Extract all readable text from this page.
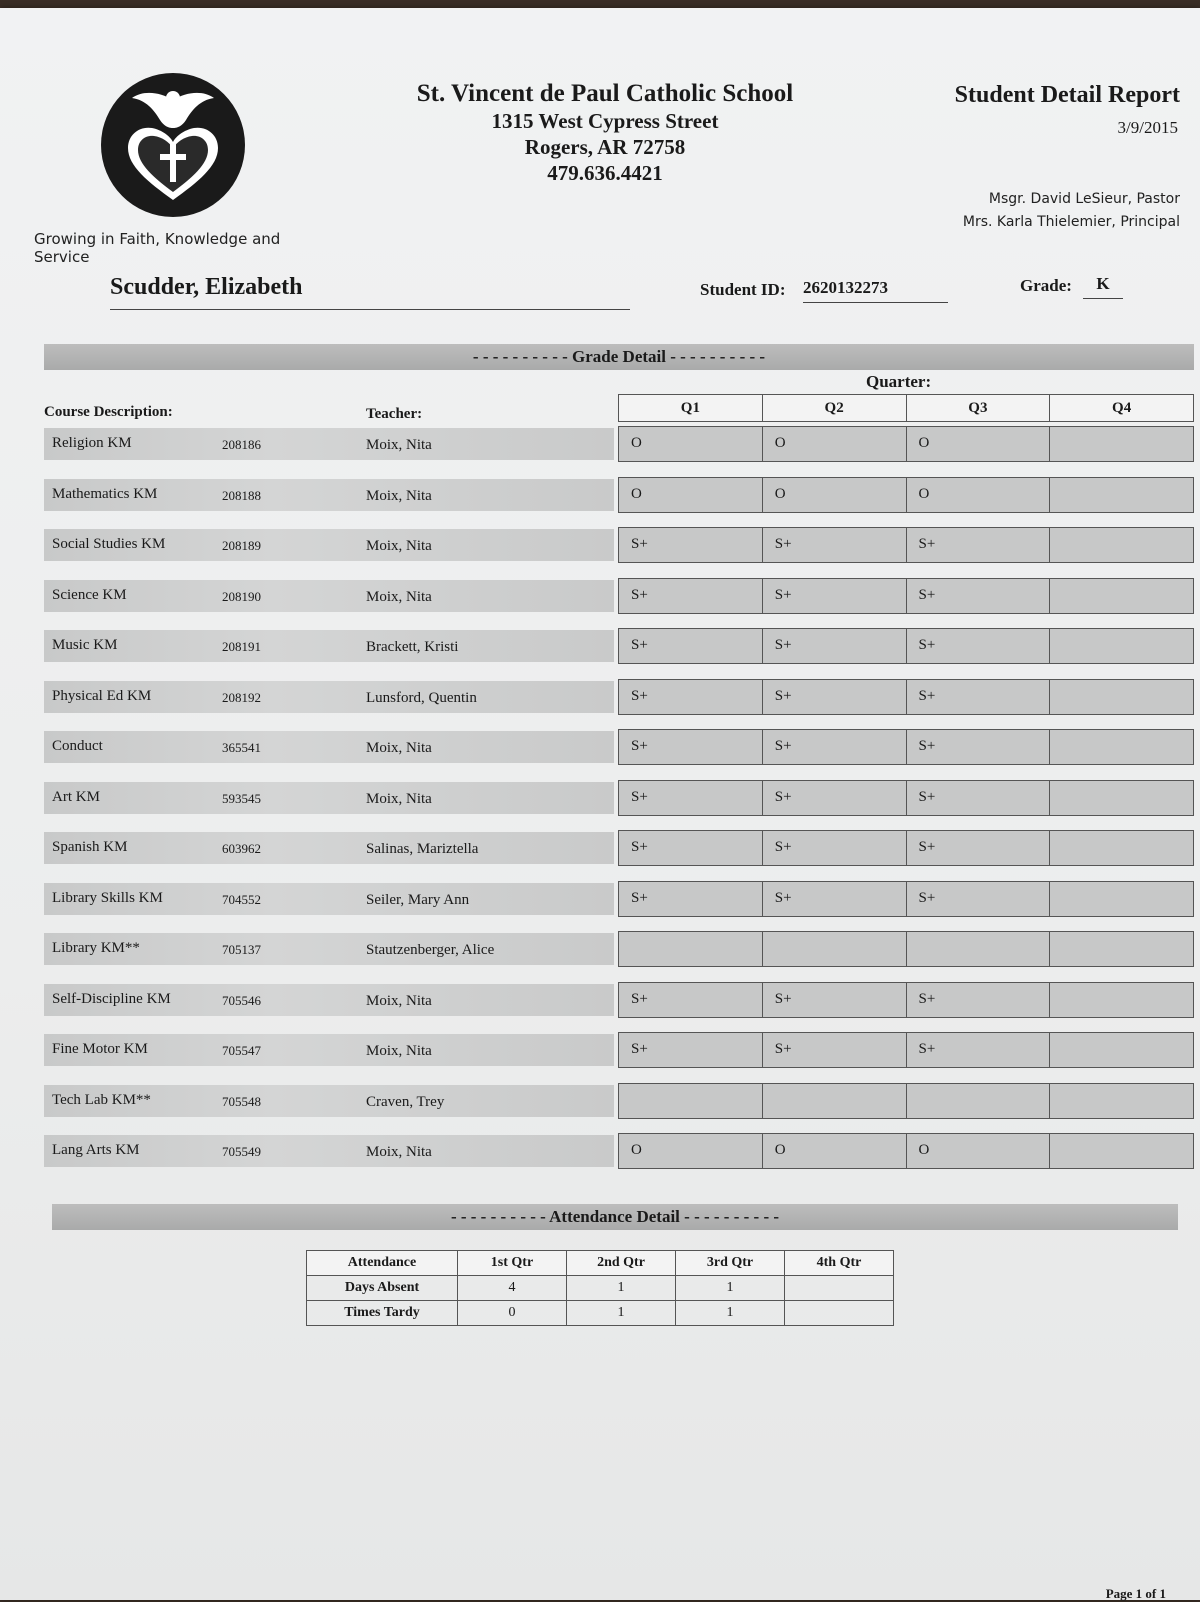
Growing in Faith, Knowledge and Service
St. Vincent de Paul Catholic School
1315 West Cypress Street
Rogers, AR 72758
479.636.4421
Student Detail Report
3/9/2015
Msgr. David LeSieur, Pastor
Mrs. Karla Thielemier, Principal
Scudder, Elizabeth	Student ID: 2620132273	Grade:	K
- - - - - - - - - - Grade Detail - - - - - - - - - -
Quarter:
Course Description:	Teacher:	Q1	Q2	Q3	Q4
Religion KM	208186	Moix, Nita	O	O	O
Mathematics KM	208188	Moix, Nita	O	O	O
Social Studies KM	208189	Moix, Nita	S+	S+	S+
Science KM	208190	Moix, Nita	S+	S+	S+
Music KM	208191	Brackett, Kristi	S+	S+	S+
Physical Ed KM	208192	Lunsford, Quentin	S+	S+	S+
Conduct	365541	Moix, Nita	S+	S+	S+
Art KM	593545	Moix, Nita	S+	S+	S+
Spanish KM	603962	Salinas, Mariztella	S+	S+	S+
Library Skills KM	704552	Seiler, Mary Ann	S+	S+	S+
Library KM**	705137	Stautzenberger, Alice
Self-Discipline KM	705546	Moix, Nita	S+	S+	S+
Fine Motor KM	705547	Moix, Nita	S+	S+	S+
Tech Lab KM**	705548	Craven, Trey
Lang Arts KM	705549	Moix, Nita	O	O	O
- - - - - - - - - - Attendance Detail - - - - - - - - - -
Attendance	1st Qtr	2nd Qtr	3rd Qtr	4th Qtr
Days Absent	4	1	1	
Times Tardy	0	1	1	
Page 1 of 1
